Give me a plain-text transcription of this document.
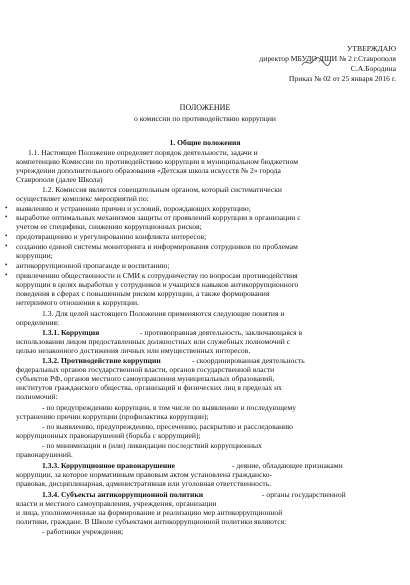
УТВЕРЖДАЮ
директор МБУДО ДШИ № 2 г.Ставрополя
С.А.Бородина
Приказ № 02 от 25 января 2016 г.
ПОЛОЖЕНИЕ
о комиссии по противодействию коррупции
1. Общие положения
1.1. Настоящее Положение определяет порядок деятельности, задачи и
компетенцию Комиссии по противодействию коррупции в муниципальном бюджетном
учреждении дополнительного образования «Детская школа искусств № 2» города
Ставрополя (далее Школа)
1.2. Комиссия является совещательным органом, который систематически
осуществляет комплекс мероприятий по:
• выявлению и устранению причин и условий, порождающих коррупцию;
• выработке оптимальных механизмов защиты от проявлений коррупции в организации с
учетом ее специфики, снижению коррупционных рисков;
• предотвращению и урегулированию конфликта интересов;
• созданию единой системы мониторинга и информирования сотрудников по проблемам
коррупции;
• антикоррупционной пропаганде и воспитанию;
• привлечению общественности и СМИ к сотрудничеству по вопросам противодействия
коррупции в целях выработки у сотрудников и учащихся навыков антикоррупционного
поведения в сферах с повышенным риском коррупции, а также формирования
нетерпимого отношения к коррупции.
1.3. Для целей настоящего Положения применяются следующие понятия и
определения:
1.3.1. Коррупция	- противоправная деятельность, заключающаяся в
использовании лицом предоставленных должностных или служебных полномочий с
целью незаконного достижения личных или имущественных интересов.
1.3.2. Противодействие коррупции	- скоординированная деятельность
федеральных органов государственной власти, органов государственной власти
субъектов РФ, органов местного самоуправления муниципальных образований,
институтов гражданского общества, организаций и физических лиц в пределах их
полномочий:
- по предупреждению коррупции, в том числе по выявлению и последующему
устранению причин коррупции (профилактика коррупции);
- по выявлению, предупреждению, пресечению, раскрытию и расследованию
коррупционных правонарушений (борьба с коррупцией);
- по минимизации и (или) ликвидации последствий коррупционных
правонарушений.
1.3.3. Коррупционное правонарушение	- деяние, обладающее признаками
коррупции, за которое нормативным правовым актом установлена гражданско-
правовая, дисциплинарная, административная или уголовная ответственность.
1.3.4. Субъекты антикоррупционной политики	- органы государственной
власти и местного самоуправления, учреждения, организации
и лица, уполномоченные на формирование и реализацию мер антикоррупционной
политики, граждане. В Школе субъектами антикоррупционной политики являются:
- работники учреждения;
